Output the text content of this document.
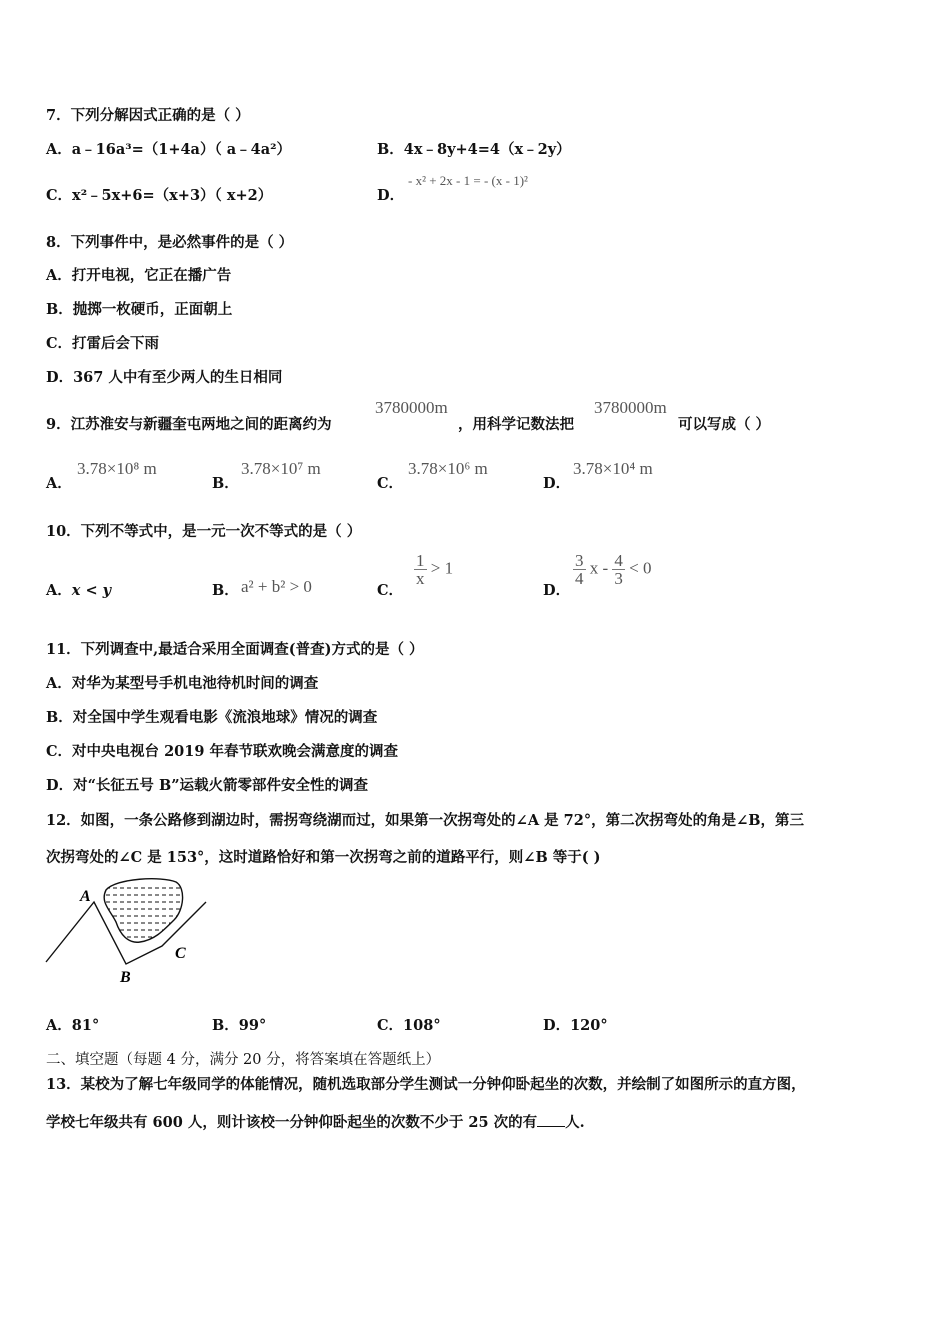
7．下列分解因式正确的是（ ）
A．a﹣16a³=（1+4a）（ a﹣4a²）	B．4x﹣8y+4=4（x﹣2y）
C．x²﹣5x+6=（x+3）（ x+2）	D．
- x² + 2x - 1 = - (x - 1)²
8．下列事件中，是必然事件的是（ ）
A．打开电视，它正在播广告
B．抛掷一枚硬币，正面朝上
C．打雷后会下雨
D．367 人中有至少两人的生日相同
9．江苏淮安与新疆奎屯两地之间的距离约为
3780000m
，用科学记数法把
3780000m
可以写成（ ）
A．
3.78×10⁸ m
B．
3.78×10⁷ m
C．
3.78×10⁶ m
D．
3.78×10⁴ m
10．下列不等式中，是一元一次不等式的是（ ）
A．x < y	B． a² + b² > 0	C．
$\frac{1}{x} > 1$
D．
$\frac{3}{4}$ $x - \frac{4}{3} < 0$
11．下列调查中,最适合采用全面调查(普查)方式的是（ ）
A．对华为某型号手机电池待机时间的调查
B．对全国中学生观看电影《流浪地球》情况的调查
C．对中央电视台 2019 年春节联欢晚会满意度的调查
D．对“长征五号 B”运载火箭零部件安全性的调查
12．如图，一条公路修到湖边时，需拐弯绕湖而过，如果第一次拐弯处的∠A 是 72°，第二次拐弯处的角是∠B，第三
次拐弯处的∠C 是 153°，这时道路恰好和第一次拐弯之前的道路平行，则∠B 等于( )
A
B
C
A．81°	B．99°	C．108°	D．120°
二、填空题（每题 4 分，满分 20 分，将答案填在答题纸上）
13．某校为了解七年级同学的体能情况，随机选取部分学生测试一分钟仰卧起坐的次数，并绘制了如图所示的直方图，
学校七年级共有 600 人，则计该校一分钟仰卧起坐的次数不少于 25 次的有 人.
